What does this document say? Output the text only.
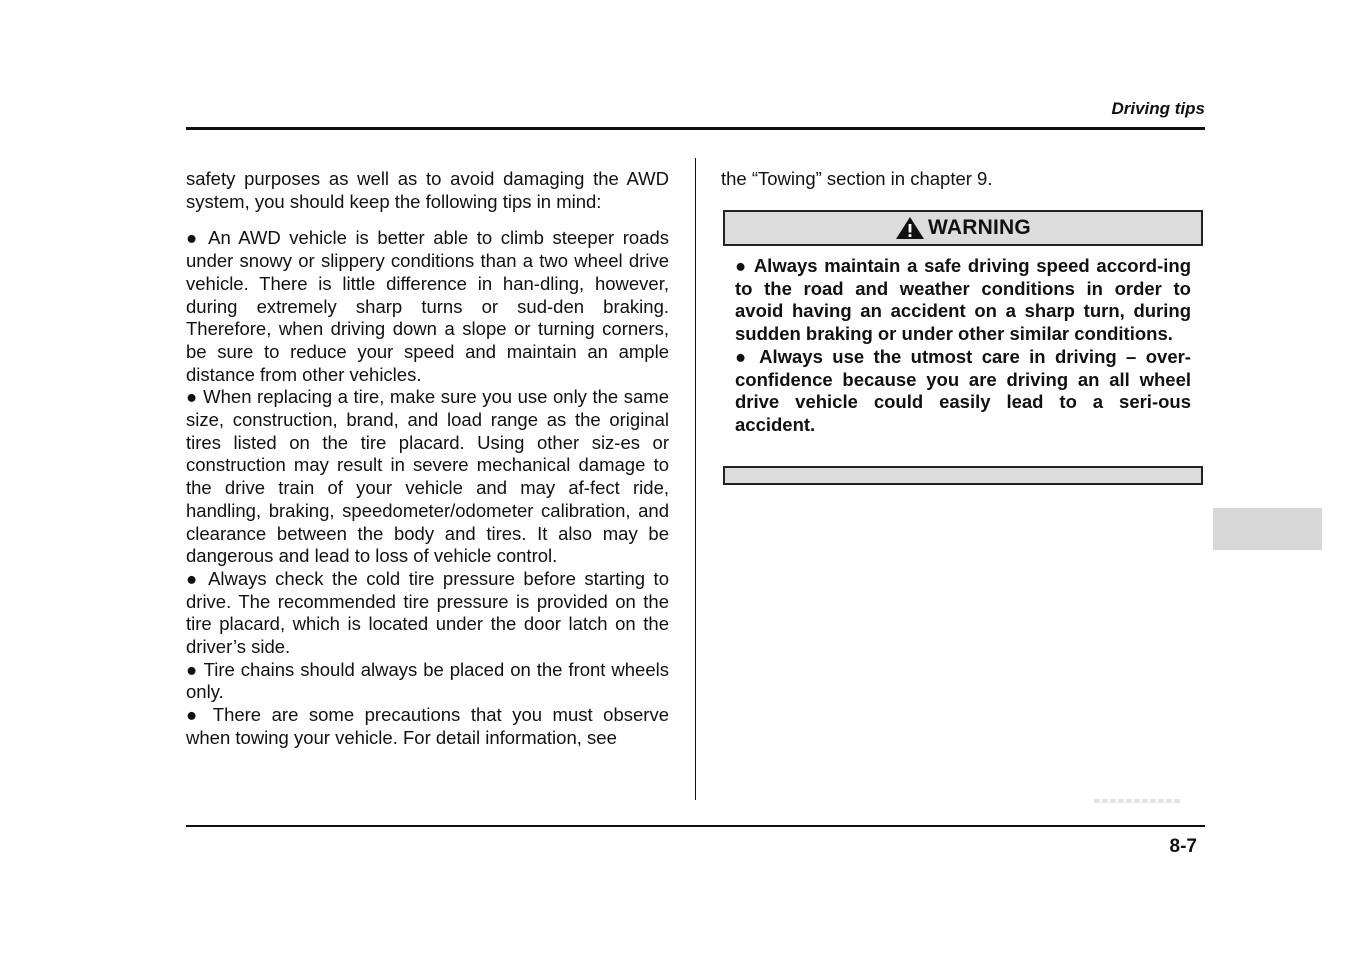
Driving tips

safety purposes as well as to avoid damaging the AWD system, you should keep the following tips in mind:

● An AWD vehicle is better able to climb steeper roads under snowy or slippery conditions than a two wheel drive vehicle. There is little difference in han-dling, however, during extremely sharp turns or sud-den braking. Therefore, when driving down a slope or turning corners, be sure to reduce your speed and maintain an ample distance from other vehicles.

● When replacing a tire, make sure you use only the same size, construction, brand, and load range as the original tires listed on the tire placard. Using other siz-es or construction may result in severe mechanical damage to the drive train of your vehicle and may af-fect ride, handling, braking, speedometer/odometer calibration, and clearance between the body and tires. It also may be dangerous and lead to loss of vehicle control.

● Always check the cold tire pressure before starting to drive. The recommended tire pressure is provided on the tire placard, which is located under the door latch on the driver’s side.

● Tire chains should always be placed on the front wheels only.

● There are some precautions that you must observe when towing your vehicle. For detail information, see

the “Towing” section in chapter 9.

WARNING

● Always maintain a safe driving speed accord-ing to the road and weather conditions in order to avoid having an accident on a sharp turn, during sudden braking or under other similar conditions.

● Always use the utmost care in driving – over-confidence because you are driving an all wheel drive vehicle could easily lead to a seri-ous accident.

8-7
